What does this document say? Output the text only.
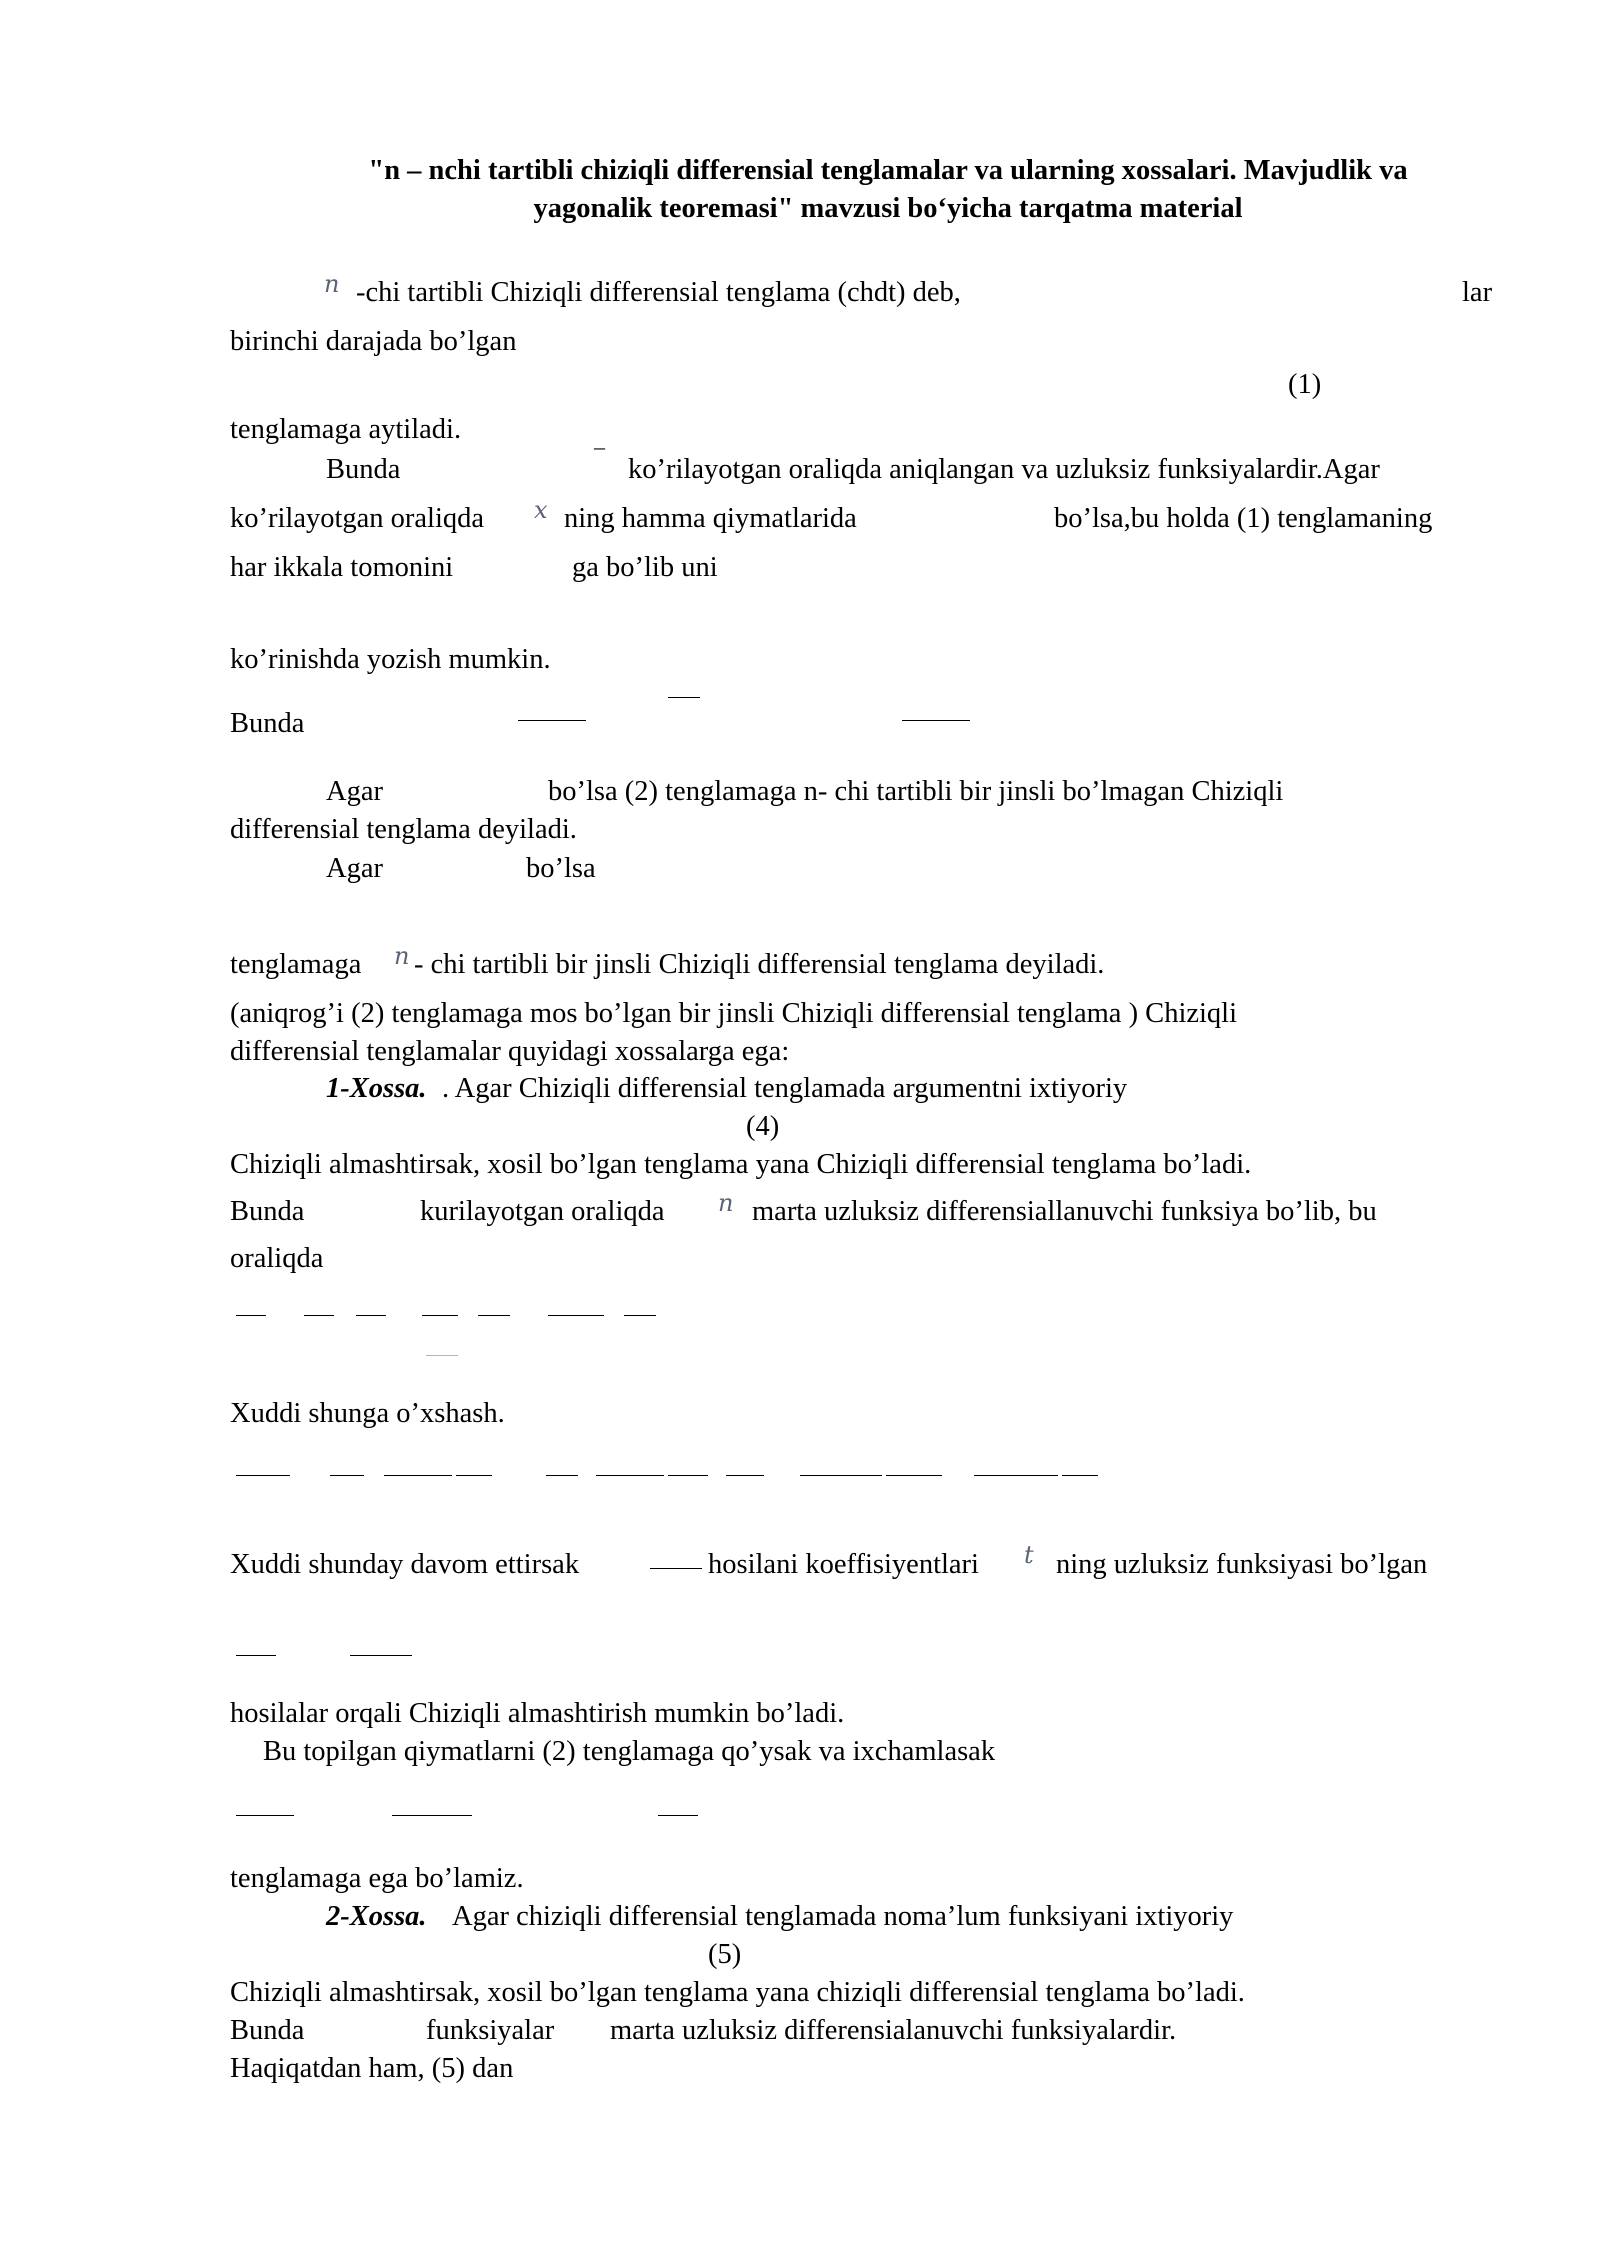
"n – nchi tartibli chiziqli differensial tenglamalar va ularning xossalari. Mavjudlik va
yagonalik teoremasi" mavzusi bo‘yicha tarqatma material
n -chi tartibli Chiziqli differensial tenglama (chdt) deb,	lar
birinchi darajada bo’lgan
(1)
tenglamaga aytiladi.
Bunda
–
ko’rilayotgan oraliqda aniqlangan va uzluksiz funksiyalardir.Agar
ko’rilayotgan oraliqda x ning hamma qiymatlarida	bo’lsa,bu holda (1) tenglamaning
har ikkala tomonini	ga bo’lib uni
ko’rinishda yozish mumkin.
Bunda
Agar	bo’lsa (2) tenglamaga n- chi tartibli bir jinsli bo’lmagan Chiziqli
differensial tenglama deyiladi.
Agar	bo’lsa
tenglamaga n - chi tartibli bir jinsli Chiziqli differensial tenglama deyiladi.
(aniqrog’i (2) tenglamaga mos bo’lgan bir jinsli Chiziqli differensial tenglama ) Chiziqli
differensial tenglamalar quyidagi xossalarga ega:
1-Xossa. . Agar Chiziqli differensial tenglamada argumentni ixtiyoriy
(4)
Chiziqli almashtirsak, xosil bo’lgan tenglama yana Chiziqli differensial tenglama bo’ladi.
Bunda	kurilayotgan oraliqda n marta uzluksiz differensiallanuvchi funksiya bo’lib, bu
oraliqda
Xuddi shunga o’xshash.
Xuddi shunday davom ettirsak	hosilani koeffisiyentlari t ning uzluksiz funksiyasi bo’lgan
hosilalar orqali Chiziqli almashtirish mumkin bo’ladi.
Bu topilgan qiymatlarni (2) tenglamaga qo’ysak va ixchamlasak
tenglamaga ega bo’lamiz.
2-Xossa. Agar chiziqli differensial tenglamada noma’lum funksiyani ixtiyoriy
(5)
Chiziqli almashtirsak, xosil bo’lgan tenglama yana chiziqli differensial tenglama bo’ladi.
Bunda	funksiyalar marta uzluksiz differensialanuvchi funksiyalardir.
Haqiqatdan ham, (5) dan
